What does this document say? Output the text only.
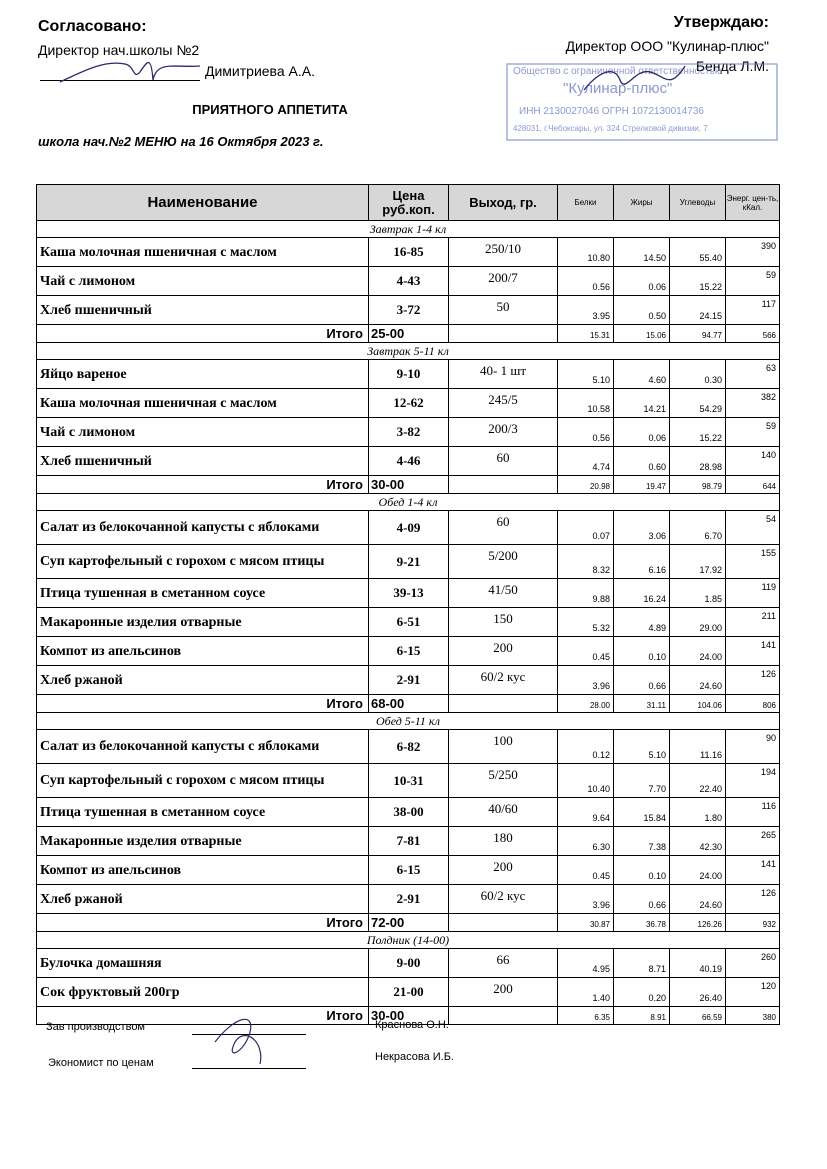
Согласовано:
Директор нач.школы №2
Димитриева А.А.
Утверждаю:
Директор ООО "Кулинар-плюс"
Бенда Л.М.
Общество с ограниченной ответственностью
"Кулинар-плюс"
ИНН 2130027046 ОГРН 1072130014736
428031, г.Чебоксары, ул. 324 Стрелковой дивизии, 7
ПРИЯТНОГО АППЕТИТА
школа нач.№2 МЕНЮ на 16 Октября 2023 г.
Наименование	Цена руб.коп.	Выход, гр.	Белки	Жиры	Углеводы	Энерг. цен-ть, кКал.
Завтрак 1-4 кл						
Каша молочная пшеничная с маслом	16-85	250/10	10.80	14.50	55.40	390
Чай с лимоном	4-43	200/7	0.56	0.06	15.22	59
Хлеб пшеничный	3-72	50	3.95	0.50	24.15	117
Итого	25-00		15.31	15.06	94.77	566
Завтрак 5-11 кл						
Яйцо вареное	9-10	40- 1 шт	5.10	4.60	0.30	63
Каша молочная пшеничная с маслом	12-62	245/5	10.58	14.21	54.29	382
Чай с лимоном	3-82	200/3	0.56	0.06	15.22	59
Хлеб пшеничный	4-46	60	4.74	0.60	28.98	140
Итого	30-00		20.98	19.47	98.79	644
Обед 1-4 кл						
Салат из белокочанной капусты с яблоками	4-09	60	0.07	3.06	6.70	54
Суп картофельный с горохом с мясом птицы	9-21	5/200	8.32	6.16	17.92	155
Птица тушенная в сметанном соусе	39-13	41/50	9.88	16.24	1.85	119
Макаронные изделия отварные	6-51	150	5.32	4.89	29.00	211
Компот из апельсинов	6-15	200	0.45	0.10	24.00	141
Хлеб ржаной	2-91	60/2 кус	3.96	0.66	24.60	126
Итого	68-00		28.00	31.11	104.06	806
Обед 5-11 кл						
Салат из белокочанной капусты с яблоками	6-82	100	0.12	5.10	11.16	90
Суп картофельный с горохом с мясом птицы	10-31	5/250	10.40	7.70	22.40	194
Птица тушенная в сметанном соусе	38-00	40/60	9.64	15.84	1.80	116
Макаронные изделия отварные	7-81	180	6.30	7.38	42.30	265
Компот из апельсинов	6-15	200	0.45	0.10	24.00	141
Хлеб ржаной	2-91	60/2 кус	3.96	0.66	24.60	126
Итого	72-00		30.87	36.78	126.26	932
Полдник (14-00)						
Булочка домашняя	9-00	66	4.95	8.71	40.19	260
Сок фруктовый 200гр	21-00	200	1.40	0.20	26.40	120
Итого	30-00		6.35	8.91	66.59	380
Зав производством	Краснова О.Н.
Экономист по ценам	Некрасова И.Б.
